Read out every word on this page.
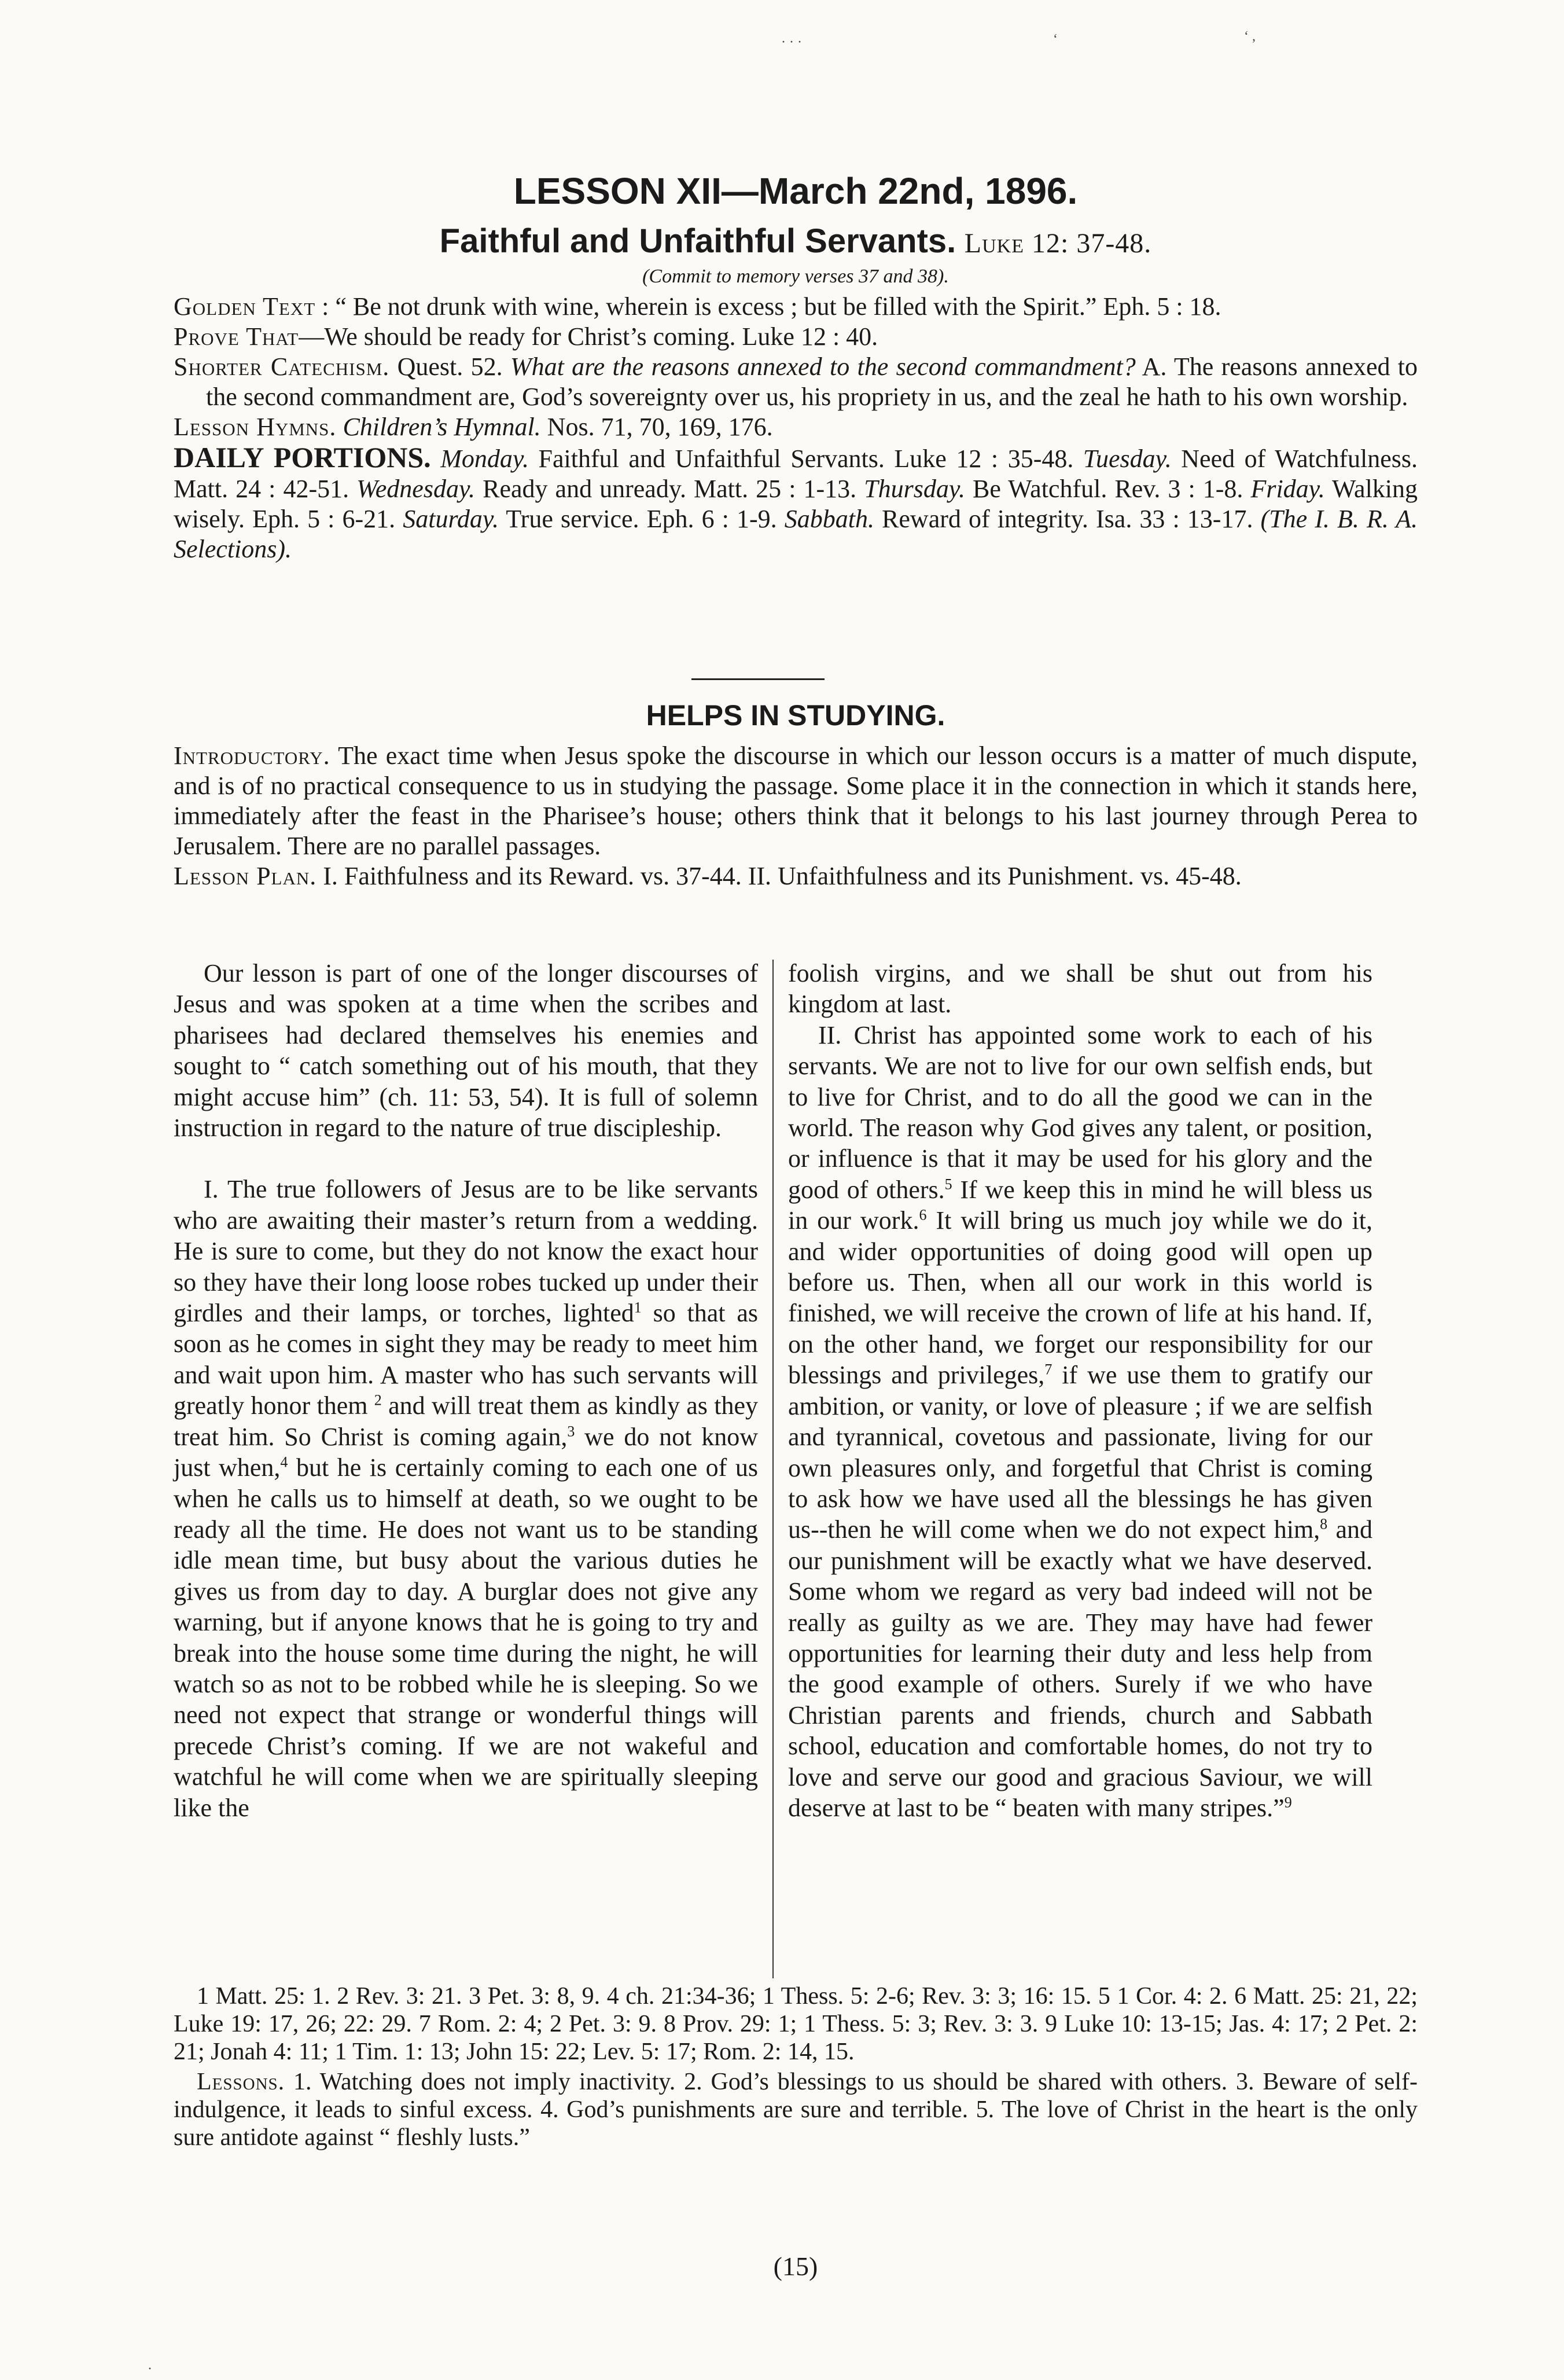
· · ·	‘	‘ ,
LESSON XII—March 22nd, 1896.
Faithful and Unfaithful Servants. Luke 12: 37-48.
(Commit to memory verses 37 and 38).

Golden Text : “ Be not drunk with wine, wherein is excess ; but be filled with the Spirit.” Eph. 5 : 18.

Prove That—We should be ready for Christ’s coming. Luke 12 : 40.

Shorter Catechism. Quest. 52. What are the reasons annexed to the second commandment? A. The reasons annexed to the second commandment are, God’s sovereignty over us, his propriety in us, and the zeal he hath to his own worship.

Lesson Hymns. Children’s Hymnal. Nos. 71, 70, 169, 176.

DAILY PORTIONS. Monday. Faithful and Unfaithful Servants. Luke 12 : 35-48. Tuesday. Need of Watchfulness. Matt. 24 : 42-51. Wednesday. Ready and unready. Matt. 25 : 1-13. Thursday. Be Watchful. Rev. 3 : 1-8. Friday. Walking wisely. Eph. 5 : 6-21. Saturday. True service. Eph. 6 : 1-9. Sabbath. Reward of integrity. Isa. 33 : 13-17. (The I. B. R. A. Selections).

HELPS IN STUDYING.

Introductory. The exact time when Jesus spoke the discourse in which our lesson occurs is a matter of much dispute, and is of no practical consequence to us in studying the passage. Some place it in the connection in which it stands here, immediately after the feast in the Pharisee’s house; others think that it belongs to his last journey through Perea to Jerusalem. There are no parallel passages.

Lesson Plan. I. Faithfulness and its Reward. vs. 37-44. II. Unfaithfulness and its Punishment. vs. 45-48.

Our lesson is part of one of the longer discourses of Jesus and was spoken at a time when the scribes and pharisees had declared themselves his enemies and sought to “ catch something out of his mouth, that they might accuse him” (ch. 11: 53, 54). It is full of solemn instruction in regard to the nature of true discipleship.

I. The true followers of Jesus are to be like servants who are awaiting their master’s return from a wedding. He is sure to come, but they do not know the exact hour so they have their long loose robes tucked up under their girdles and their lamps, or torches, lighted$^1$ so that as soon as he comes in sight they may be ready to meet him and wait upon him. A master who has such servants will greatly honor them $^2$ and will treat them as kindly as they treat him. So Christ is coming again,$^3$ we do not know just when,$^4$ but he is certainly coming to each one of us when he calls us to himself at death, so we ought to be ready all the time. He does not want us to be standing idle mean time, but busy about the various duties he gives us from day to day. A burglar does not give any warning, but if anyone knows that he is going to try and break into the house some time during the night, he will watch so as not to be robbed while he is sleeping. So we need not expect that strange or wonderful things will precede Christ’s coming. If we are not wakeful and watchful he will come when we are spiritually sleeping like the

foolish virgins, and we shall be shut out from his kingdom at last.

II. Christ has appointed some work to each of his servants. We are not to live for our own selfish ends, but to live for Christ, and to do all the good we can in the world. The reason why God gives any talent, or position, or influence is that it may be used for his glory and the good of others.$^5$ If we keep this in mind he will bless us in our work.$^6$ It will bring us much joy while we do it, and wider opportunities of doing good will open up before us. Then, when all our work in this world is finished, we will receive the crown of life at his hand. If, on the other hand, we forget our responsibility for our blessings and privileges,$^7$ if we use them to gratify our ambition, or vanity, or love of pleasure ; if we are selfish and tyrannical, covetous and passionate, living for our own pleasures only, and forgetful that Christ is coming to ask how we have used all the blessings he has given us--then he will come when we do not expect him,$^8$ and our punishment will be exactly what we have deserved. Some whom we regard as very bad indeed will not be really as guilty as we are. They may have had fewer opportunities for learning their duty and less help from the good example of others. Surely if we who have Christian parents and friends, church and Sabbath school, education and comfortable homes, do not try to love and serve our good and gracious Saviour, we will deserve at last to be “ beaten with many stripes.”$^9$

1 Matt. 25: 1. 2 Rev. 3: 21. 3 Pet. 3: 8, 9. 4 ch. 21:34-36; 1 Thess. 5: 2-6; Rev. 3: 3; 16: 15. 5 1 Cor. 4: 2. 6 Matt. 25: 21, 22; Luke 19: 17, 26; 22: 29. 7 Rom. 2: 4; 2 Pet. 3: 9. 8 Prov. 29: 1; 1 Thess. 5: 3; Rev. 3: 3. 9 Luke 10: 13-15; Jas. 4: 17; 2 Pet. 2: 21; Jonah 4: 11; 1 Tim. 1: 13; John 15: 22; Lev. 5: 17; Rom. 2: 14, 15.

Lessons. 1. Watching does not imply inactivity. 2. God’s blessings to us should be shared with others. 3. Beware of self-indulgence, it leads to sinful excess. 4. God’s punishments are sure and terrible. 5. The love of Christ in the heart is the only sure antidote against “ fleshly lusts.”

(15)
·
